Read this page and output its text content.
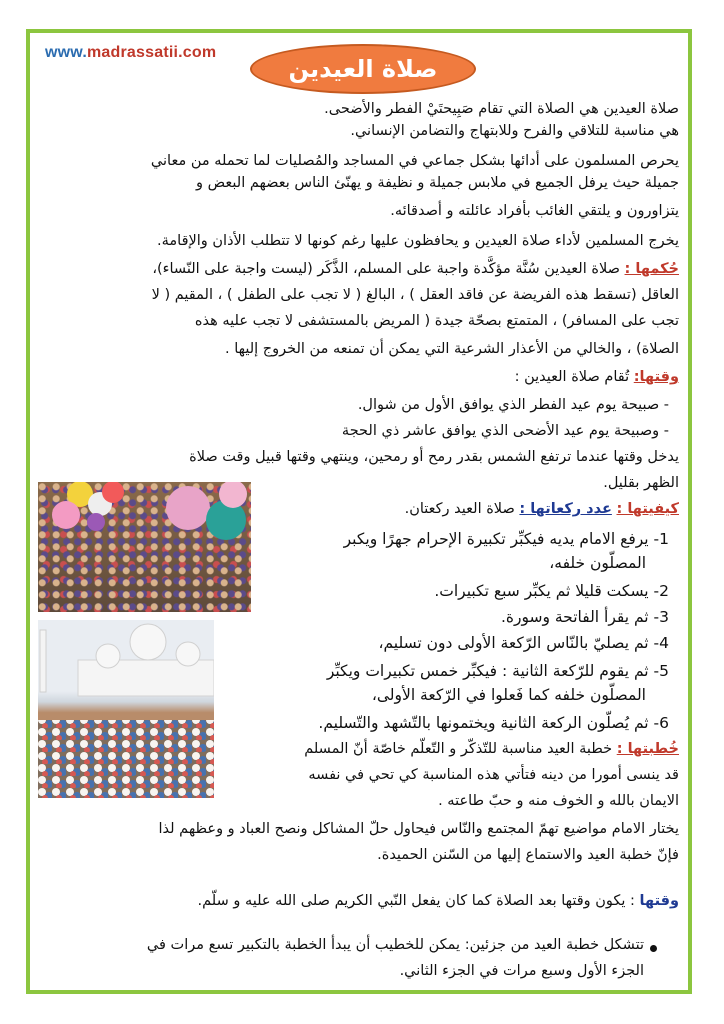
www.madrassatii.com
صلاة العيدين
صلاة العيدين هي الصلاة التي تقام صَبِيحتَيْ الفطر والأضحى.
هي مناسبة للتلاقي والفرح وللابتهاج والتضامن الإنساني.
يحرص المسلمون على أدائها بشكل جماعي في المساجد والمُصليات لما تحمله من معاني
جميلة حيث يرفل الجميع في ملابس جميلة و نظيفة و يهنّئ الناس بعضهم البعض و
يتزاورون و يلتقي الغائب بأفراد عائلته و أصدقائه.
يخرج المسلمين لأداء صلاة العيدين و يحافظون عليها رغم كونها لا تتطلب الأذان والإقامة.
حُكمها : صلاة العيدين سُنَّة مؤكَّدة واجبة على المسلم، الذَّكَر (ليست واجبة على النّساء)،
العاقل (تسقط هذه الفريضة عن فاقد العقل ) ، البالغ ( لا تجب على الطفل ) ، المقيم ( لا
تجب على المسافر) ، المتمتع بصحّة جيدة ( المريض بالمستشفى لا تجب عليه هذه
الصلاة) ، والخالي من الأعذار الشرعية التي يمكن أن تمنعه من الخروج إليها .
وقتها: تُقام صلاة العيدين :
- صبيحة يوم عيد الفطر الذي يوافق الأول من شوال.
- وصبيحة يوم عيد الأضحى الذي يوافق عاشر ذي الحجة
يدخل وقتها عندما ترتفع الشمس بقدر رمح أو رمحين، وينتهي وقتها قبيل وقت صلاة
الظهر بقليل.
كيفيتها : عدد ركعاتها : صلاة العيد ركعتان.
1- يرفع الامام يديه فيكبِّر تكبيرة الإحرام جهرًا ويكبر
المصلّون خلفه،
2- يسكت قليلا ثم يكبِّر سبع تكبيرات.
3- ثم يقرأ الفاتحة وسورة.
4- ثم يصليّ بالنّاس الرّكعة الأولى دون تسليم،
5- ثم يقوم للرّكعة الثانية : فيكبِّر خمس تكبيرات ويكبِّر
المصلّون خلفه كما فَعلوا في الرّكعة الأولى،
6- ثم يُصلّون الركعة الثانية ويختمونها بالتّشهد والتّسليم.
خُطبتها : خطبة العيد مناسبة للتّذكّر و التّعلّم خاصّة أنّ المسلم
قد ينسى أمورا من دينه فتأتي هذه المناسبة كي تحي في نفسه
الايمان بالله و الخوف منه و حبّ طاعته .
يختار الامام مواضيع تهمّ المجتمع والنّاس فيحاول حلّ المشاكل ونصح العباد و وعظهم لذا
فإنّ خطبة العيد والاستماع إليها من السّنن الحميدة.
وقتها : يكون وقتها بعد الصلاة كما كان يفعل النّبي الكريم صلى الله عليه و سلّم.
تتشكل خطبة العيد من جزئين: يمكن للخطيب أن يبدأ الخطبة بالتكبير تسع مرات في
الجزء الأول وسبع مرات في الجزء الثاني.
